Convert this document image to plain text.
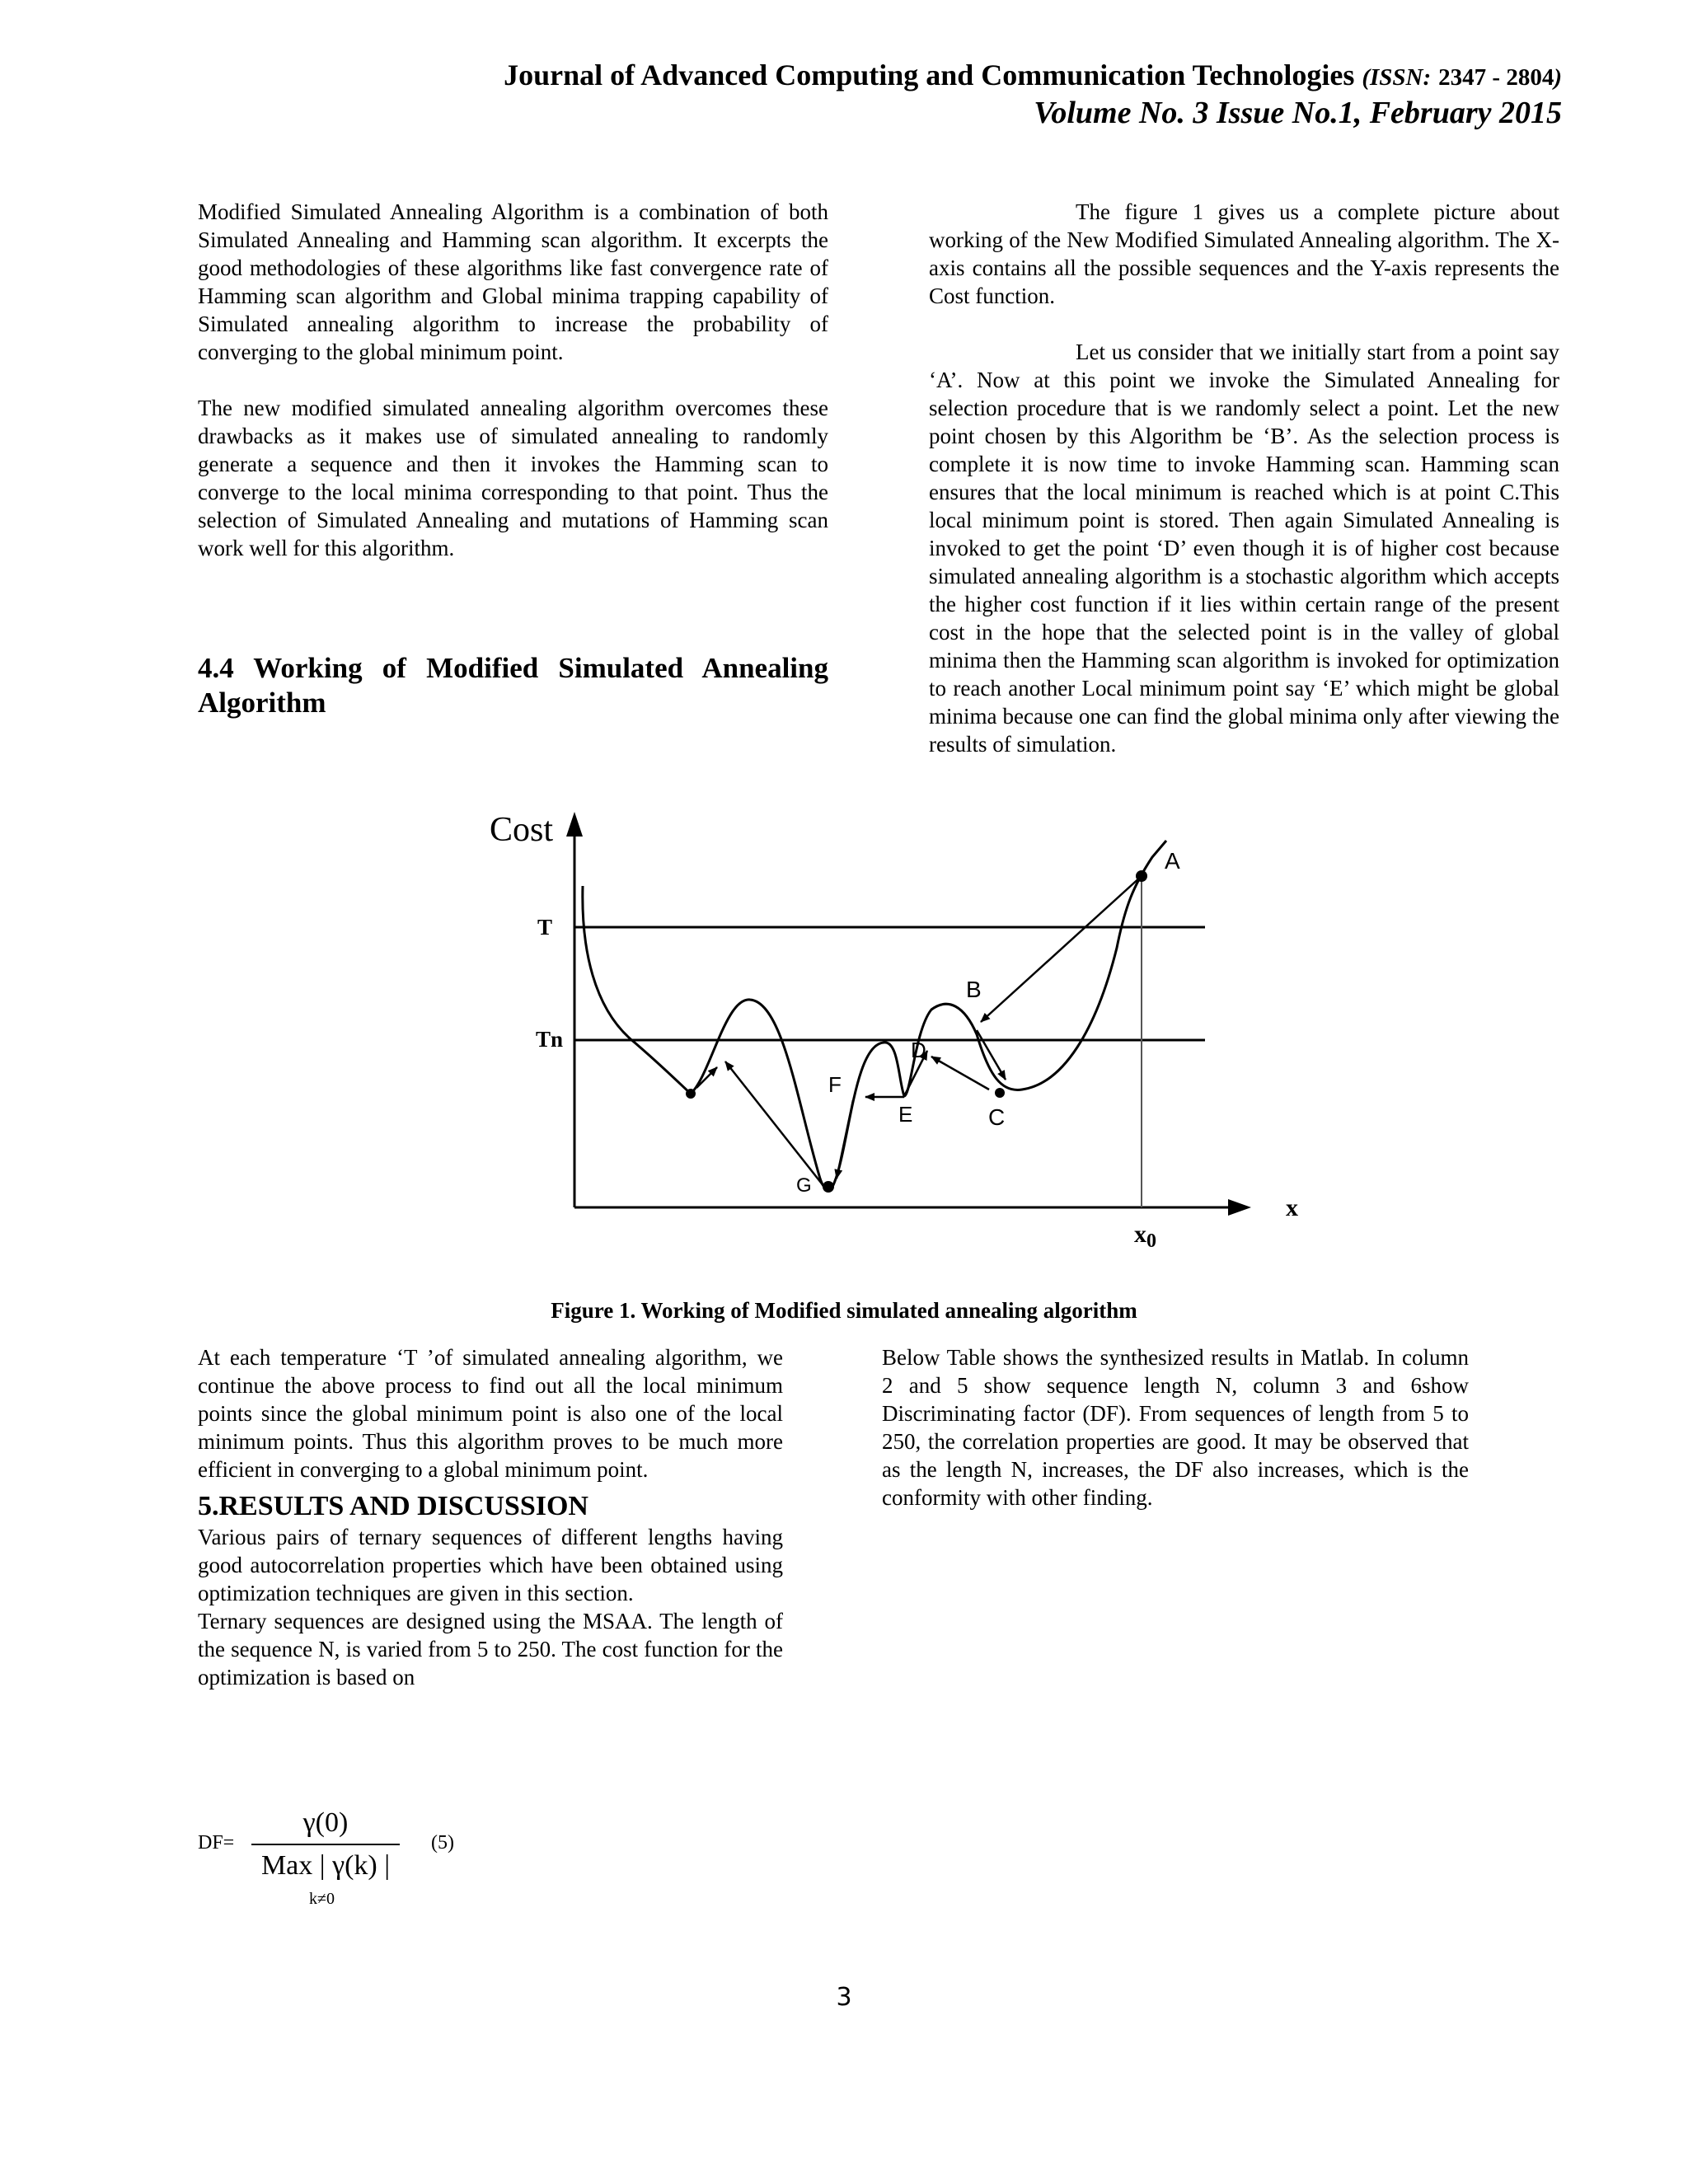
Journal of Advanced Computing and Communication Technologies (ISSN: 2347 - 2804)
Volume No. 3 Issue No.1, February 2015

Modified Simulated Annealing Algorithm is a combination of both Simulated Annealing and Hamming scan algorithm. It excerpts the good methodologies of these algorithms like fast convergence rate of Hamming scan algorithm and Global minima trapping capability of Simulated annealing algorithm to increase the probability of converging to the global minimum point.

The new modified simulated annealing algorithm overcomes these drawbacks as it makes use of simulated annealing to randomly generate a sequence and then it invokes the Hamming scan to converge to the local minima corresponding to that point. Thus the selection of Simulated Annealing and mutations of Hamming scan work well for this algorithm.

4.4 Working of Modified Simulated Annealing Algorithm

The figure 1 gives us a complete picture about working of the New Modified Simulated Annealing algorithm. The X-axis contains all the possible sequences and the Y-axis represents the Cost function.

Let us consider that we initially start from a point say ‘A’. Now at this point we invoke the Simulated Annealing for selection procedure that is we randomly select a point. Let the new point chosen by this Algorithm be ‘B’. As the selection process is complete it is now time to invoke Hamming scan. Hamming scan ensures that the local minimum is reached which is at point C.This local minimum point is stored. Then again Simulated Annealing is invoked to get the point ‘D’ even though it is of higher cost because simulated annealing algorithm is a stochastic algorithm which accepts the higher cost function if it lies within certain range of the present cost in the hope that the selected point is in the valley of global minima then the Hamming scan algorithm is invoked for optimization to reach another Local minimum point say ‘E’ which might be global minima because one can find the global minima only after viewing the results of simulation.

Cost
T
Tn
A
B
C
D
E
F
G
x
$x_0$
Figure 1. Working of Modified simulated annealing algorithm

At each temperature ‘T ’of simulated annealing algorithm, we continue the above process to find out all the local minimum points since the global minimum point is also one of the local minimum points. Thus this algorithm proves to be much more efficient in converging to a global minimum point.

5.RESULTS AND DISCUSSION

Various pairs of ternary sequences of different lengths having good autocorrelation properties which have been obtained using optimization techniques are given in this section.

Ternary sequences are designed using the MSAA. The length of the sequence N, is varied from 5 to 250. The cost function for the optimization is based on

DF=
γ(0)
Max | γ(k) |
k≠0
(5)

Below Table shows the synthesized results in Matlab. In column 2 and 5 show sequence length N, column 3 and 6show Discriminating factor (DF). From sequences of length from 5 to 250, the correlation properties are good. It may be observed that as the length N, increases, the DF also increases, which is the conformity with other finding.

3
